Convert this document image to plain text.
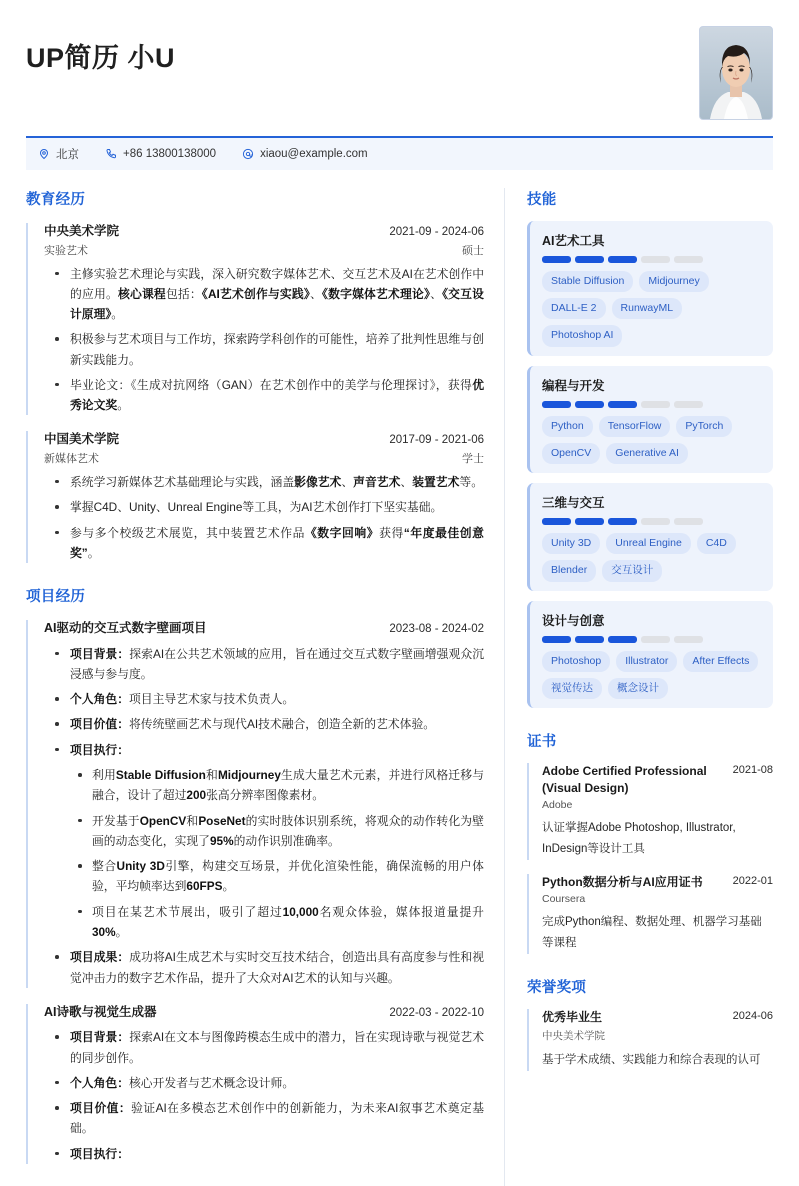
UP简历 小U
北京	+86 13800138000	xiaou@example.com
教育经历
中央美术学院	2021-09 - 2024-06
实验艺术	硕士
主修实验艺术理论与实践，深入研究数字媒体艺术、交互艺术及AI在艺术创作中的应用。核心课程包括：《AI艺术创作与实践》、《数字媒体艺术理论》、《交互设计原理》。
积极参与艺术项目与工作坊，探索跨学科创作的可能性，培养了批判性思维与创新实践能力。
毕业论文：《生成对抗网络（GAN）在艺术创作中的美学与伦理探讨》，获得优秀论文奖。
中国美术学院	2017-09 - 2021-06
新媒体艺术	学士
系统学习新媒体艺术基础理论与实践，涵盖影像艺术、声音艺术、装置艺术等。
掌握C4D、Unity、Unreal Engine等工具，为AI艺术创作打下坚实基础。
参与多个校级艺术展览，其中装置艺术作品《数字回响》获得“年度最佳创意奖”。
项目经历
AI驱动的交互式数字壁画项目	2023-08 - 2024-02
项目背景：探索AI在公共艺术领域的应用，旨在通过交互式数字壁画增强观众沉浸感与参与度。
个人角色：项目主导艺术家与技术负责人。
项目价值：将传统壁画艺术与现代AI技术融合，创造全新的艺术体验。
项目执行：
利用Stable Diffusion和Midjourney生成大量艺术元素，并进行风格迁移与融合，设计了超过200张高分辨率图像素材。
开发基于OpenCV和PoseNet的实时肢体识别系统，将观众的动作转化为壁画的动态变化，实现了95%的动作识别准确率。
整合Unity 3D引擎，构建交互场景，并优化渲染性能，确保流畅的用户体验，平均帧率达到60FPS。
项目在某艺术节展出，吸引了超过10,000名观众体验，媒体报道量提升30%。
项目成果：成功将AI生成艺术与实时交互技术结合，创造出具有高度参与性和视觉冲击力的数字艺术作品，提升了大众对AI艺术的认知与兴趣。
AI诗歌与视觉生成器	2022-03 - 2022-10
项目背景：探索AI在文本与图像跨模态生成中的潜力，旨在实现诗歌与视觉艺术的同步创作。
个人角色：核心开发者与艺术概念设计师。
项目价值：验证AI在多模态艺术创作中的创新能力，为未来AI叙事艺术奠定基础。
项目执行：
技能
AI艺术工具
Stable Diffusion	Midjourney
DALL-E 2	RunwayML
Photoshop AI
编程与开发
Python	TensorFlow	PyTorch
OpenCV	Generative AI
三维与交互
Unity 3D	Unreal Engine	C4D
Blender	交互设计
设计与创意
Photoshop	Illustrator	After Effects
视觉传达	概念设计
证书
Adobe Certified Professional (Visual Design)
2021-08
Adobe
认证掌握Adobe Photoshop, Illustrator, InDesign等设计工具
Python数据分析与AI应用证书	2022-01
Coursera
完成Python编程、数据处理、机器学习基础等课程
荣誉奖项
优秀毕业生	2024-06
中央美术学院
基于学术成绩、实践能力和综合表现的认可
